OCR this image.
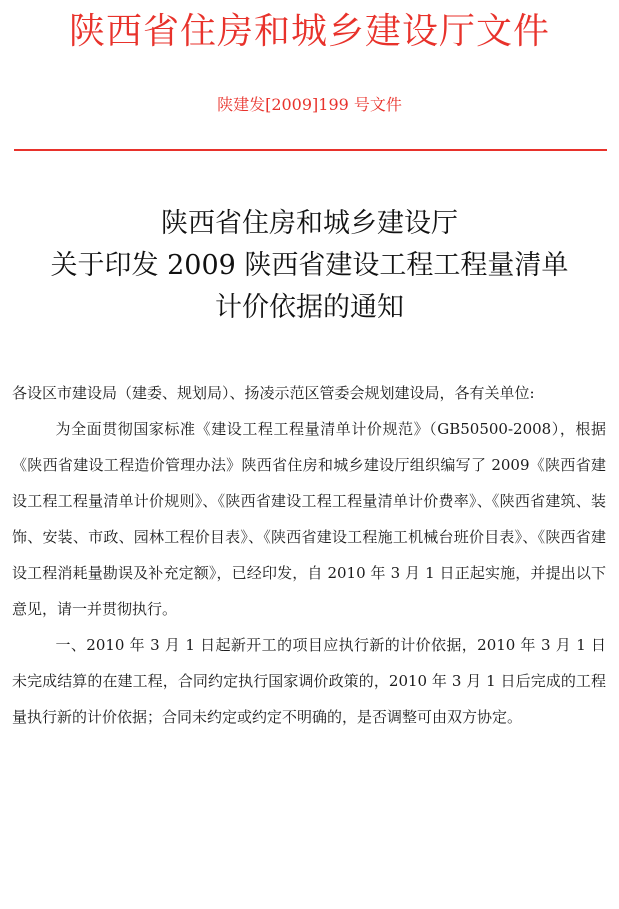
陕西省住房和城乡建设厅文件
陕建发[2009]199 号文件
陕西省住房和城乡建设厅
关于印发 2009 陕西省建设工程工程量清单
计价依据的通知

各设区市建设局（建委、规划局）、扬凌示范区管委会规划建设局，各有关单位:

为全面贯彻国家标准《建设工程工程量清单计价规范》（GB50500-2008），根据《陕西省建设工程造价管理办法》陕西省住房和城乡建设厅组织编写了 2009《陕西省建设工程工程量清单计价规则》、《陕西省建设工程工程量清单计价费率》、《陕西省建筑、装饰、安装、市政、园林工程价目表》、《陕西省建设工程施工机械台班价目表》、《陕西省建设工程消耗量勘误及补充定额》，已经印发，自 2010 年 3 月 1 日正起实施，并提出以下意见，请一并贯彻执行。

一、2010 年 3 月 1 日起新开工的项目应执行新的计价依据，2010 年 3 月 1 日未完成结算的在建工程，合同约定执行国家调价政策的，2010 年 3 月 1 日后完成的工程量执行新的计价依据；合同未约定或约定不明确的，是否调整可由双方协定。
